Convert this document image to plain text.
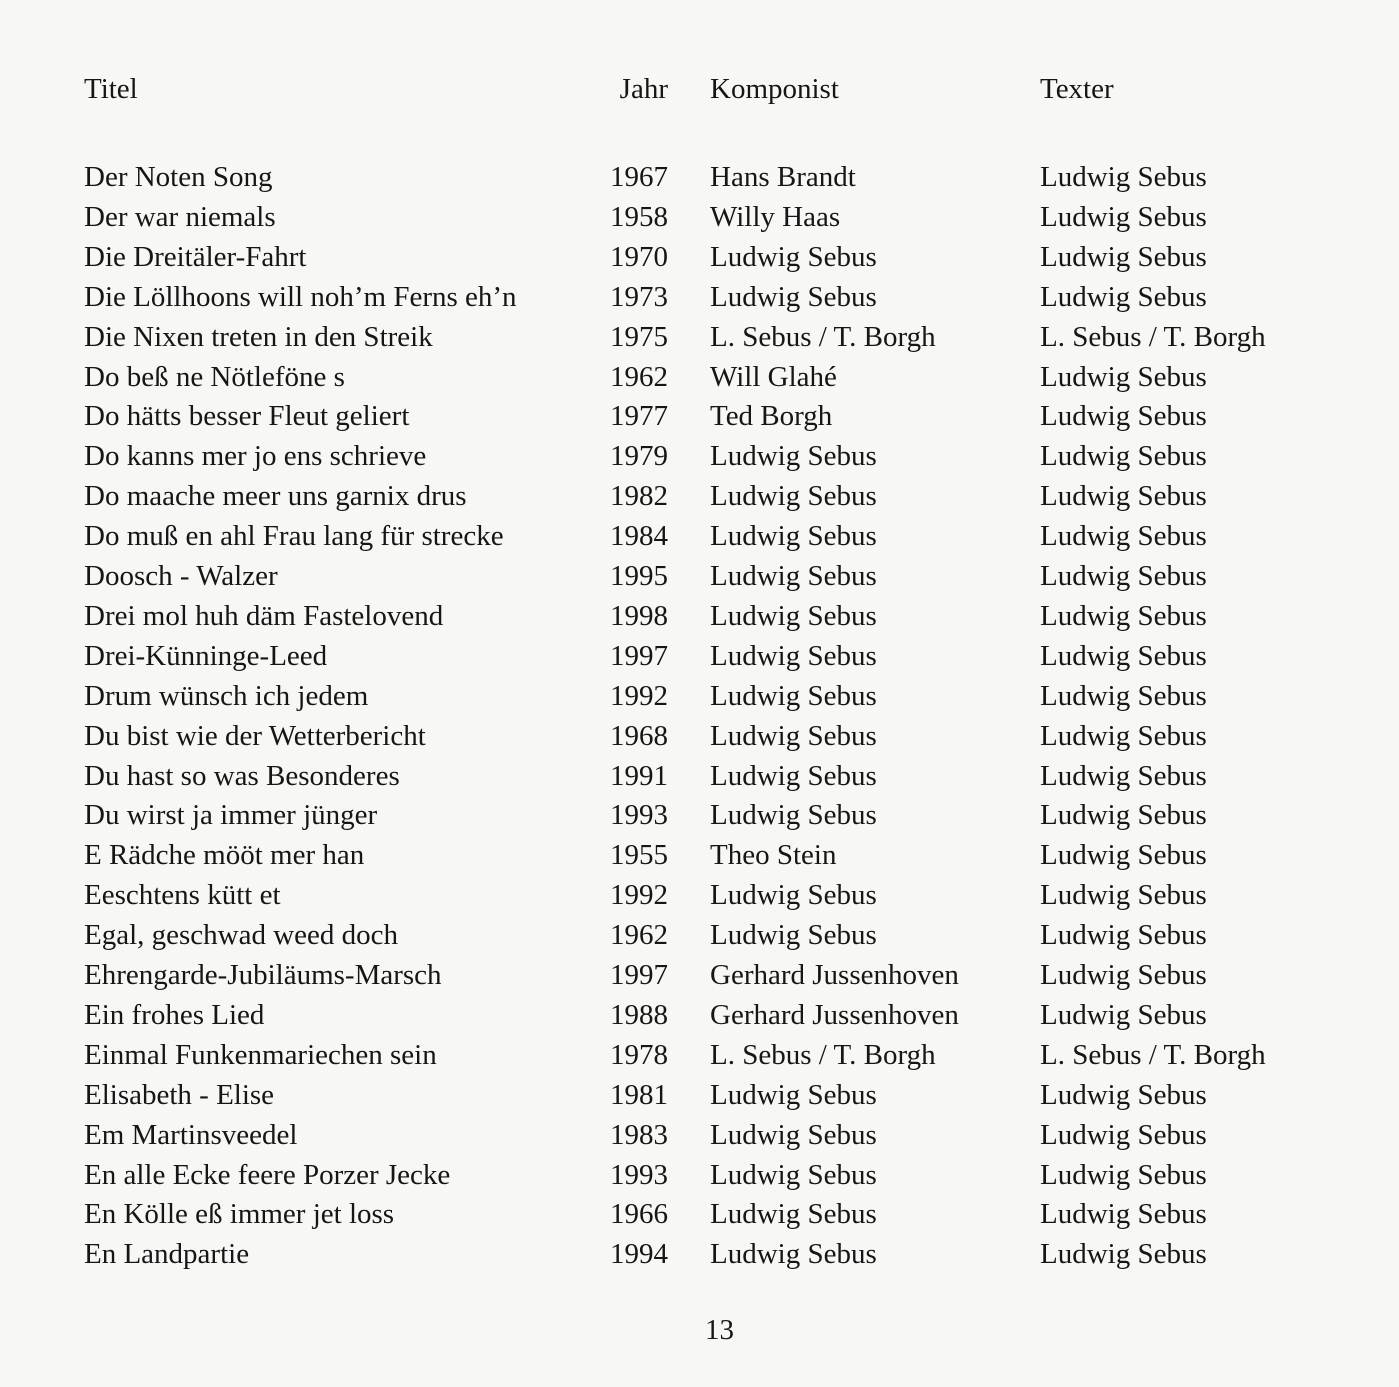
Titel	Jahr Komponist	Texter
Der Noten Song	1967 Hans Brandt	Ludwig Sebus
Der war niemals	1958 Willy Haas	Ludwig Sebus
Die Dreitäler-Fahrt	1970 Ludwig Sebus	Ludwig Sebus
Die Löllhoons will noh’m Ferns eh’n	1973 Ludwig Sebus	Ludwig Sebus
Die Nixen treten in den Streik	1975 L. Sebus / T. Borgh	L. Sebus / T. Borgh
Do beß ne Nötleföne s	1962 Will Glahé	Ludwig Sebus
Do hätts besser Fleut geliert	1977 Ted Borgh	Ludwig Sebus
Do kanns mer jo ens schrieve	1979 Ludwig Sebus	Ludwig Sebus
Do maache meer uns garnix drus	1982 Ludwig Sebus	Ludwig Sebus
Do muß en ahl Frau lang für strecke	1984 Ludwig Sebus	Ludwig Sebus
Doosch - Walzer	1995 Ludwig Sebus	Ludwig Sebus
Drei mol huh däm Fastelovend	1998 Ludwig Sebus	Ludwig Sebus
Drei-Künninge-Leed	1997 Ludwig Sebus	Ludwig Sebus
Drum wünsch ich jedem	1992 Ludwig Sebus	Ludwig Sebus
Du bist wie der Wetterbericht	1968 Ludwig Sebus	Ludwig Sebus
Du hast so was Besonderes	1991 Ludwig Sebus	Ludwig Sebus
Du wirst ja immer jünger	1993 Ludwig Sebus	Ludwig Sebus
E Rädche mööt mer han	1955 Theo Stein	Ludwig Sebus
Eeschtens kütt et	1992 Ludwig Sebus	Ludwig Sebus
Egal, geschwad weed doch	1962 Ludwig Sebus	Ludwig Sebus
Ehrengarde-Jubiläums-Marsch	1997 Gerhard Jussenhoven	Ludwig Sebus
Ein frohes Lied	1988 Gerhard Jussenhoven	Ludwig Sebus
Einmal Funkenmariechen sein	1978 L. Sebus / T. Borgh	L. Sebus / T. Borgh
Elisabeth - Elise	1981 Ludwig Sebus	Ludwig Sebus
Em Martinsveedel	1983 Ludwig Sebus	Ludwig Sebus
En alle Ecke feere Porzer Jecke	1993 Ludwig Sebus	Ludwig Sebus
En Kölle eß immer jet loss	1966 Ludwig Sebus	Ludwig Sebus
En Landpartie	1994 Ludwig Sebus	Ludwig Sebus
13
